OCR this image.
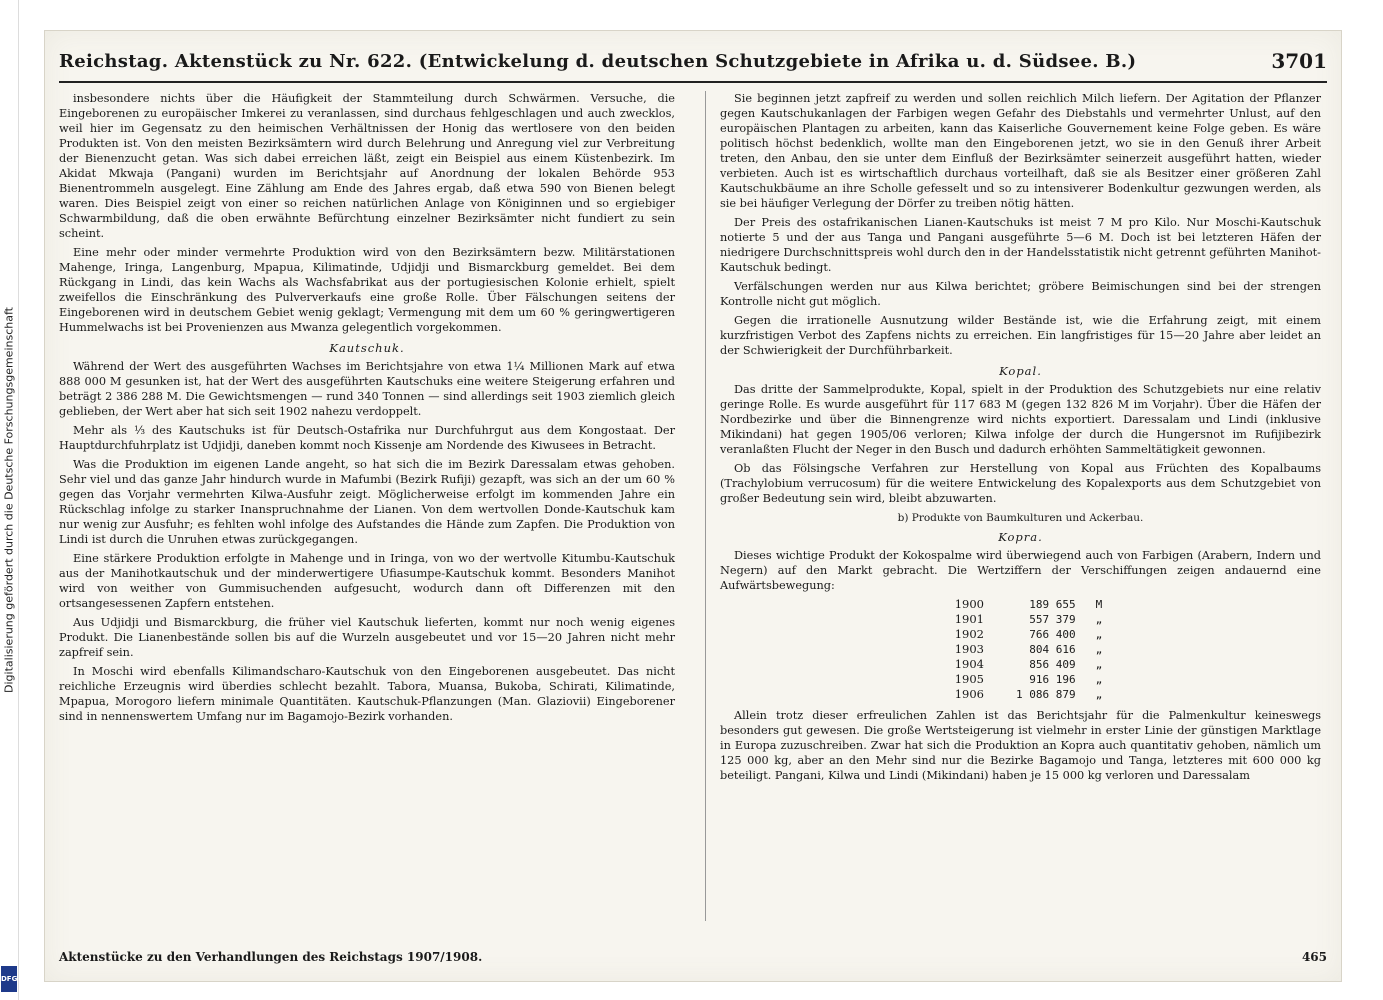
Digitalisierung gefördert durch die Deutsche Forschungsgemeinschaft
DFG
Reichstag. Aktenstück zu Nr. 622. (Entwickelung d. deutschen Schutzgebiete in Afrika u. d. Südsee. B.)	3701

insbesondere nichts über die Häufigkeit der Stammteilung durch Schwärmen. Versuche, die Eingeborenen zu europäischer Imkerei zu veranlassen, sind durchaus fehlgeschlagen und auch zwecklos, weil hier im Gegensatz zu den heimischen Verhältnissen der Honig das wertlosere von den beiden Produkten ist. Von den meisten Bezirksämtern wird durch Belehrung und Anregung viel zur Verbreitung der Bienenzucht getan. Was sich dabei erreichen läßt, zeigt ein Beispiel aus einem Küstenbezirk. Im Akidat Mkwaja (Pangani) wurden im Berichtsjahr auf Anordnung der lokalen Behörde 953 Bienentrommeln ausgelegt. Eine Zählung am Ende des Jahres ergab, daß etwa 590 von Bienen belegt waren. Dies Beispiel zeigt von einer so reichen natürlichen Anlage von Königinnen und so ergiebiger Schwarmbildung, daß die oben erwähnte Befürchtung einzelner Bezirksämter nicht fundiert zu sein scheint.

Eine mehr oder minder vermehrte Produktion wird von den Bezirksämtern bezw. Militärstationen Mahenge, Iringa, Langenburg, Mpapua, Kilimatinde, Udjidji und Bismarckburg gemeldet. Bei dem Rückgang in Lindi, das kein Wachs als Wachsfabrikat aus der portugiesischen Kolonie erhielt, spielt zweifellos die Einschränkung des Pulververkaufs eine große Rolle. Über Fälschungen seitens der Eingeborenen wird in deutschem Gebiet wenig geklagt; Vermengung mit dem um 60 % geringwertigeren Hummelwachs ist bei Provenienzen aus Mwanza gelegentlich vorgekommen.

Kautschuk.

Während der Wert des ausgeführten Wachses im Berichtsjahre von etwa 1¼ Millionen Mark auf etwa 888 000 M gesunken ist, hat der Wert des ausgeführten Kautschuks eine weitere Steigerung erfahren und beträgt 2 386 288 M. Die Gewichtsmengen — rund 340 Tonnen — sind allerdings seit 1903 ziemlich gleich geblieben, der Wert aber hat sich seit 1902 nahezu verdoppelt.

Mehr als ⅓ des Kautschuks ist für Deutsch-Ostafrika nur Durchfuhrgut aus dem Kongostaat. Der Hauptdurchfuhrplatz ist Udjidji, daneben kommt noch Kissenje am Nordende des Kiwusees in Betracht.

Was die Produktion im eigenen Lande angeht, so hat sich die im Bezirk Daressalam etwas gehoben. Sehr viel und das ganze Jahr hindurch wurde in Mafumbi (Bezirk Rufiji) gezapft, was sich an der um 60 % gegen das Vorjahr vermehrten Kilwa-Ausfuhr zeigt. Möglicherweise erfolgt im kommenden Jahre ein Rückschlag infolge zu starker Inanspruchnahme der Lianen. Von dem wertvollen Donde-Kautschuk kam nur wenig zur Ausfuhr; es fehlten wohl infolge des Aufstandes die Hände zum Zapfen. Die Produktion von Lindi ist durch die Unruhen etwas zurückgegangen.

Eine stärkere Produktion erfolgte in Mahenge und in Iringa, von wo der wertvolle Kitumbu-Kautschuk aus der Manihotkautschuk und der minderwertigere Ufiasumpe-Kautschuk kommt. Besonders Manihot wird von weither von Gummisuchenden aufgesucht, wodurch dann oft Differenzen mit den ortsangesessenen Zapfern entstehen.

Aus Udjidji und Bismarckburg, die früher viel Kautschuk lieferten, kommt nur noch wenig eigenes Produkt. Die Lianenbestände sollen bis auf die Wurzeln ausgebeutet und vor 15—20 Jahren nicht mehr zapfreif sein.

In Moschi wird ebenfalls Kilimandscharo-Kautschuk von den Eingeborenen ausgebeutet. Das nicht reichliche Erzeugnis wird überdies schlecht bezahlt. Tabora, Muansa, Bukoba, Schirati, Kilimatinde, Mpapua, Morogoro liefern minimale Quantitäten. Kautschuk-Pflanzungen (Man. Glaziovii) Eingeborener sind in nennenswertem Umfang nur im Bagamojo-Bezirk vorhanden.

Sie beginnen jetzt zapfreif zu werden und sollen reichlich Milch liefern. Der Agitation der Pflanzer gegen Kautschukanlagen der Farbigen wegen Gefahr des Diebstahls und vermehrter Unlust, auf den europäischen Plantagen zu arbeiten, kann das Kaiserliche Gouvernement keine Folge geben. Es wäre politisch höchst bedenklich, wollte man den Eingeborenen jetzt, wo sie in den Genuß ihrer Arbeit treten, den Anbau, den sie unter dem Einfluß der Bezirksämter seinerzeit ausgeführt hatten, wieder verbieten. Auch ist es wirtschaftlich durchaus vorteilhaft, daß sie als Besitzer einer größeren Zahl Kautschukbäume an ihre Scholle gefesselt und so zu intensiverer Bodenkultur gezwungen werden, als sie bei häufiger Verlegung der Dörfer zu treiben nötig hätten.

Der Preis des ostafrikanischen Lianen-Kautschuks ist meist 7 M pro Kilo. Nur Moschi-Kautschuk notierte 5 und der aus Tanga und Pangani ausgeführte 5—6 M. Doch ist bei letzteren Häfen der niedrigere Durchschnittspreis wohl durch den in der Handelsstatistik nicht getrennt geführten Manihot-Kautschuk bedingt.

Verfälschungen werden nur aus Kilwa berichtet; gröbere Beimischungen sind bei der strengen Kontrolle nicht gut möglich.

Gegen die irrationelle Ausnutzung wilder Bestände ist, wie die Erfahrung zeigt, mit einem kurzfristigen Verbot des Zapfens nichts zu erreichen. Ein langfristiges für 15—20 Jahre aber leidet an der Schwierigkeit der Durchführbarkeit.

Kopal.

Das dritte der Sammelprodukte, Kopal, spielt in der Produktion des Schutzgebiets nur eine relativ geringe Rolle. Es wurde ausgeführt für 117 683 M (gegen 132 826 M im Vorjahr). Über die Häfen der Nordbezirke und über die Binnengrenze wird nichts exportiert. Daressalam und Lindi (inklusive Mikindani) hat gegen 1905/06 verloren; Kilwa infolge der durch die Hungersnot im Rufijibezirk veranlaßten Flucht der Neger in den Busch und dadurch erhöhten Sammeltätigkeit gewonnen.

Ob das Fölsingsche Verfahren zur Herstellung von Kopal aus Früchten des Kopalbaums (Trachylobium verrucosum) für die weitere Entwickelung des Kopalexports aus dem Schutzgebiet von großer Bedeutung sein wird, bleibt abzuwarten.

b) Produkte von Baumkulturen und Ackerbau.
Kopra.

Dieses wichtige Produkt der Kokospalme wird überwiegend auch von Farbigen (Arabern, Indern und Negern) auf den Markt gebracht. Die Wertziffern der Verschiffungen zeigen andauernd eine Aufwärtsbewegung:

1900	189 655	M
1901	557 379	„
1902	766 400	„
1903	804 616	„
1904	856 409	„
1905	916 196	„
1906	1 086 879	„

Allein trotz dieser erfreulichen Zahlen ist das Berichtsjahr für die Palmenkultur keineswegs besonders gut gewesen. Die große Wertsteigerung ist vielmehr in erster Linie der günstigen Marktlage in Europa zuzuschreiben. Zwar hat sich die Produktion an Kopra auch quantitativ gehoben, nämlich um 125 000 kg, aber an den Mehr sind nur die Bezirke Bagamojo und Tanga, letzteres mit 600 000 kg beteiligt. Pangani, Kilwa und Lindi (Mikindani) haben je 15 000 kg verloren und Daressalam

Aktenstücke zu den Verhandlungen des Reichstags 1907/1908.	465
